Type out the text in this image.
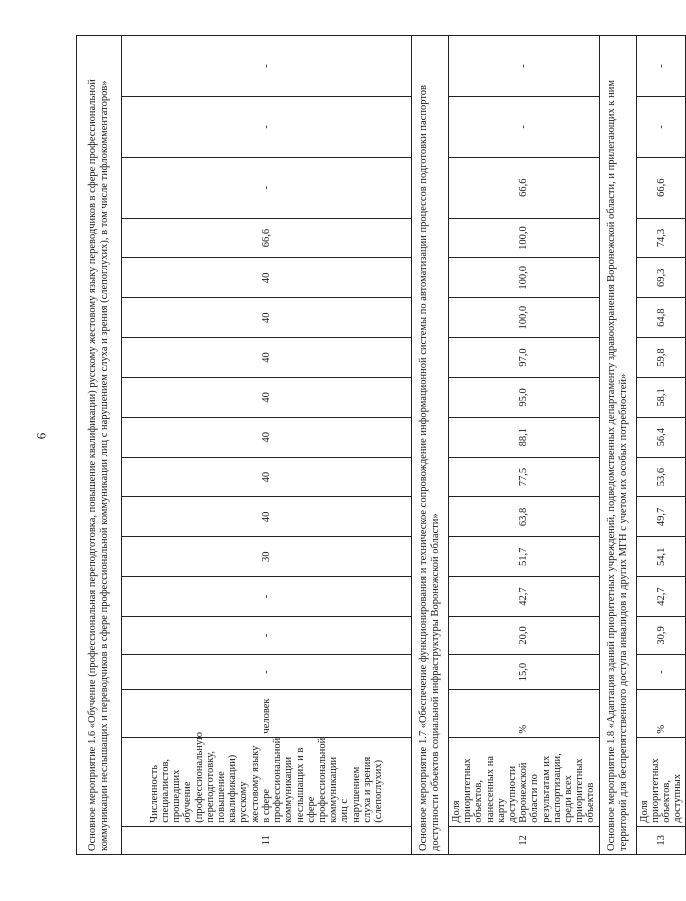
6	Основное мероприятие 1.6 «Обучение (профессиональная переподготовка, повышение квалификации) русскому жестовому языку переводчиков в сфере профессиональной коммуникации неслышащих и переводчиков в сфере профессиональной коммуникации лиц с нарушением слуха и зрения (слепоглухих), в том числе тифлокомментаторов»																	
11	Численность специалистов, прошедших обучение (профессиональную переподготовку, повышение квалификации) русскому жестовому языку в сфере профессиональной коммуникации неслышащих и в сфере профессиональной коммуникации лиц с нарушением слуха и зрения (слепоглухих)	человек	-	-	-	30	40	40	40	40	40	40	40	66,6	-	-	-
Основное мероприятие 1.7 «Обеспечение функционирования и техническое сопровождение информационной системы по автоматизации процессов подготовки паспортов доступности объектов социальной инфраструктуры Воронежской области»																	
12	Доля приоритетных объектов, нанесенных на карту доступности Воронежской области по результатам их паспортизации, среди всех приоритетных объектов	%	15,0	20,0	42,7	51,7	63,8	77,5	88,1	95,0	97,0	100,0	100,0	100,0	66,6	-	-
Основное мероприятие 1.8 «Адаптация зданий приоритетных учреждений, подведомственных департаменту здравоохранения Воронежской области, и прилегающих к ним территорий для беспрепятственного доступа инвалидов и других МГН с учетом их особых потребностей»																	
13	Доля приоритетных объектов, доступных	%	-	30,9	42,7	54,1	49,7	53,6	56,4	58,1	59,8	64,8	69,3	74,3	66,6	-	-
